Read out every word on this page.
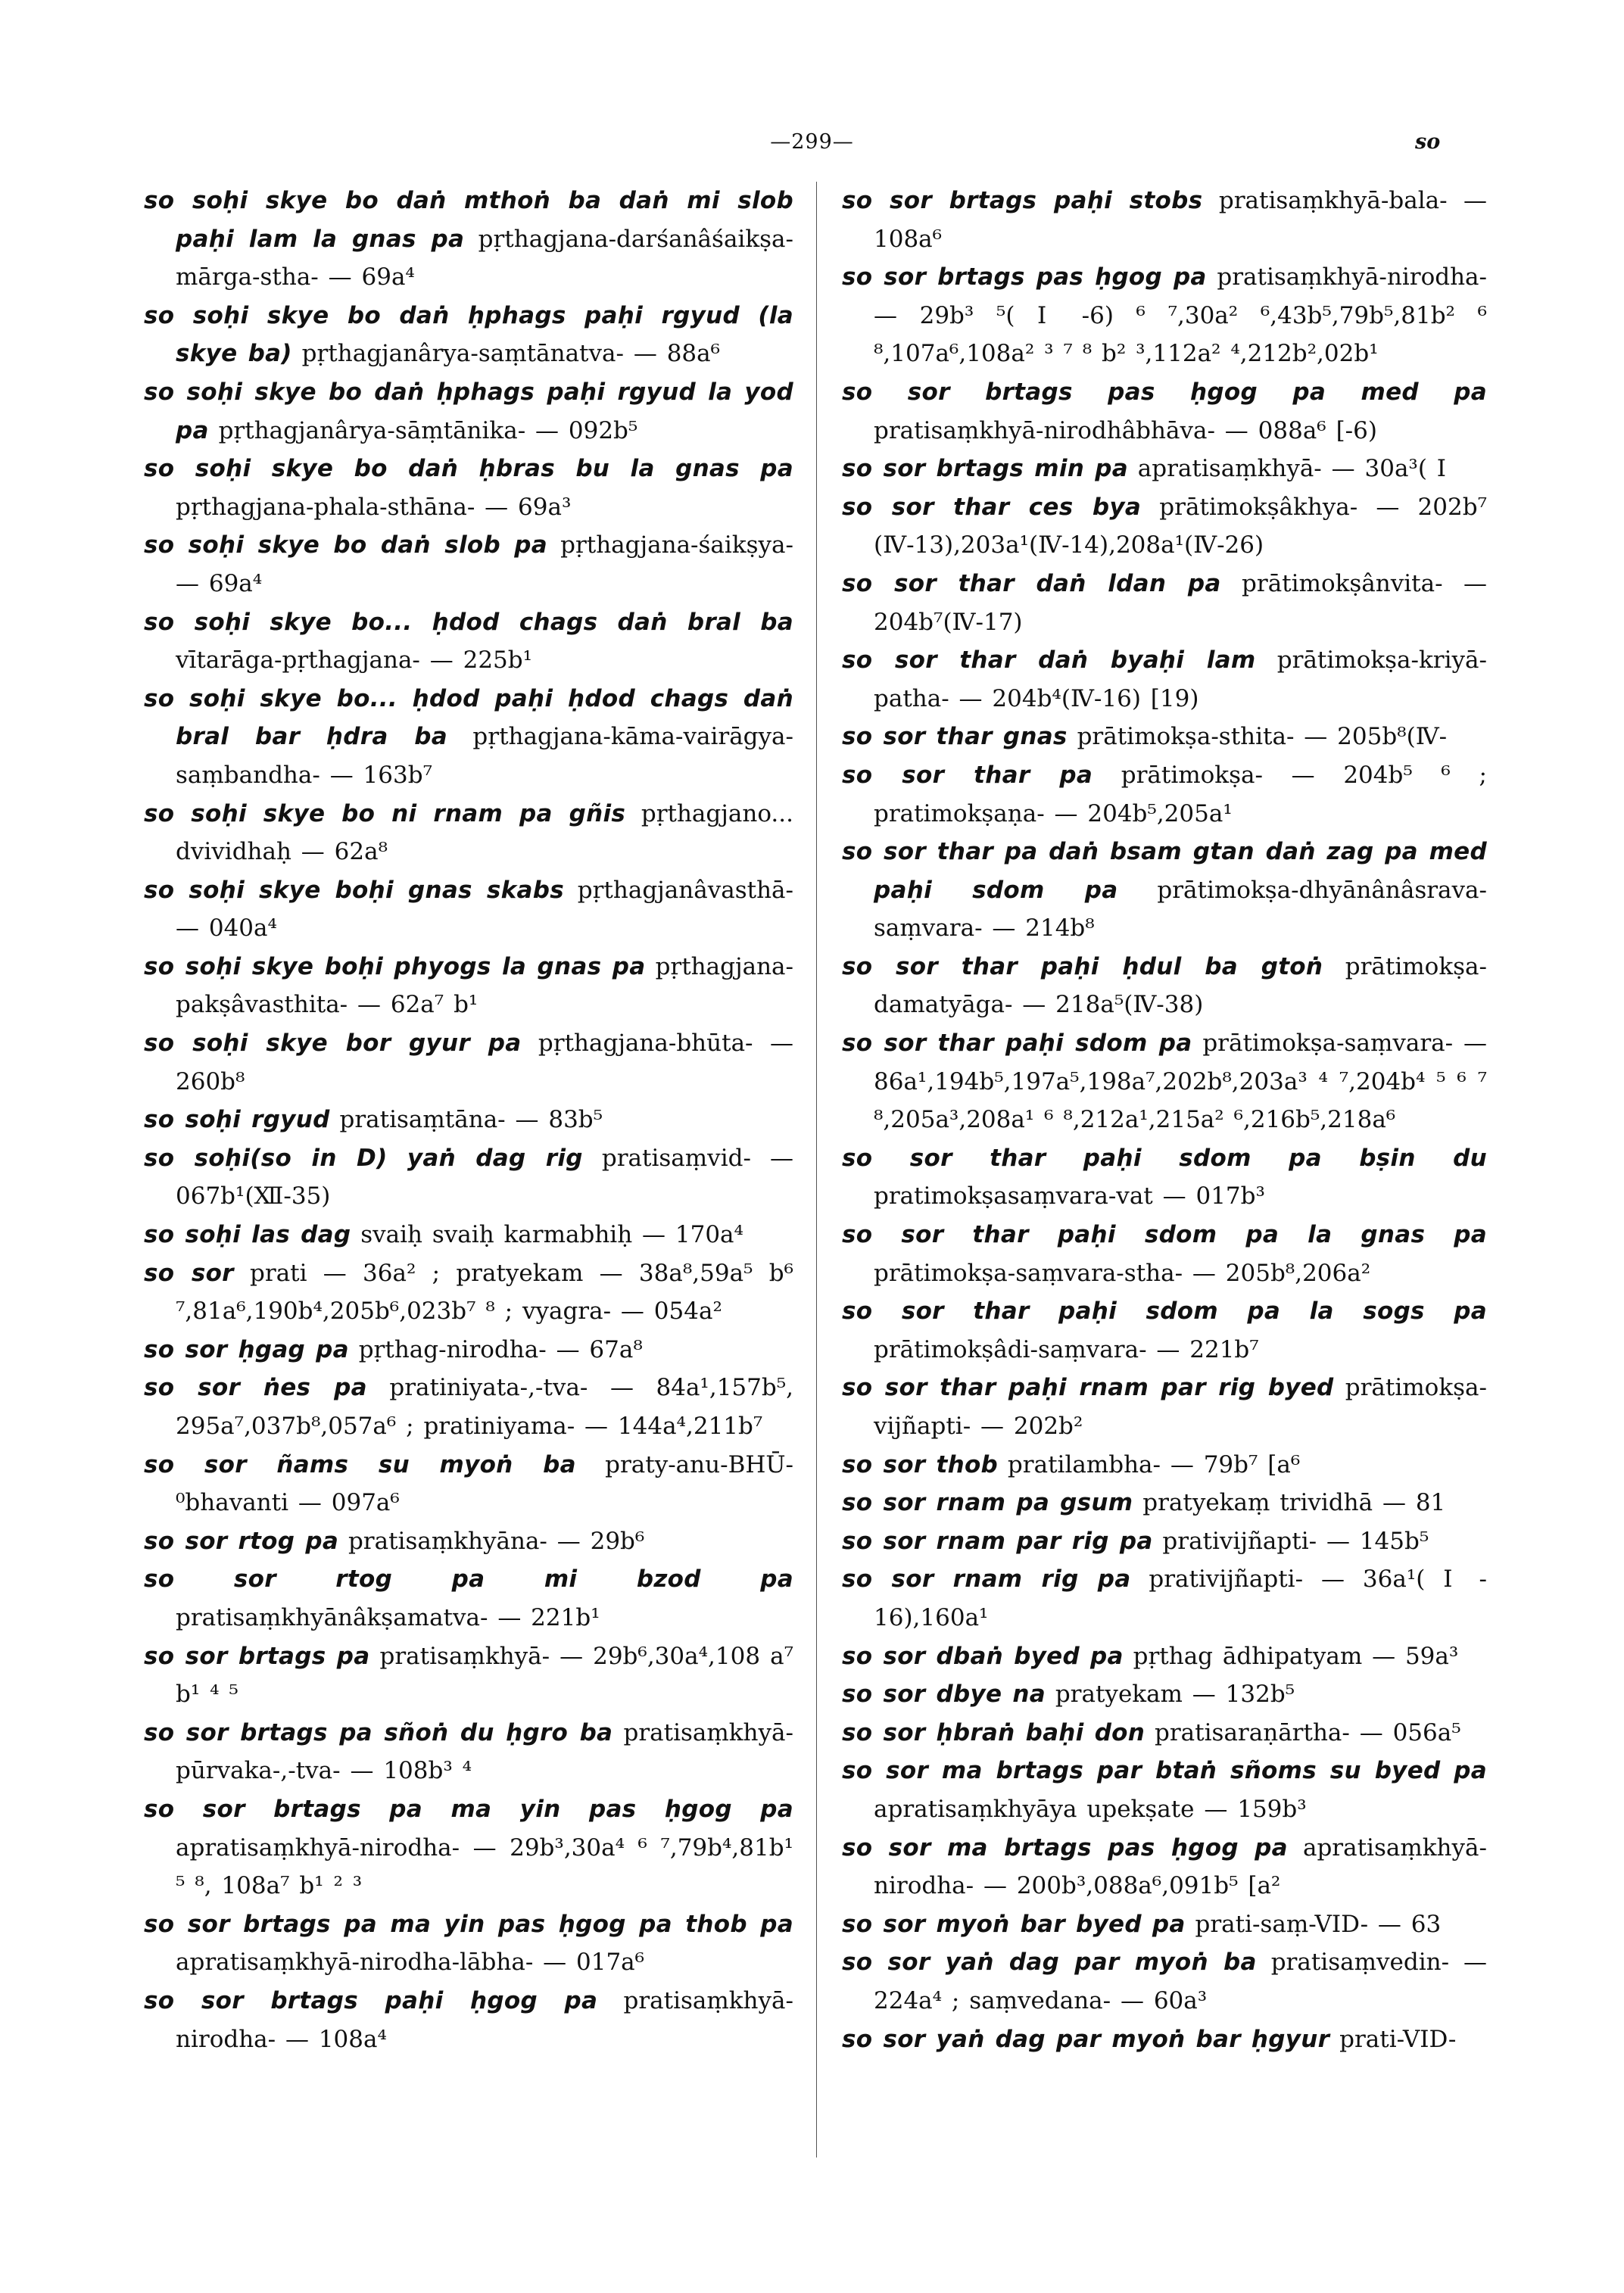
—299—	so
so soḥi skye bo daṅ mthoṅ ba daṅ mi slob paḥi lam la gnas pa pṛthagjana-darśanâśaikṣa-mārga-stha- — 69a⁴
so soḥi skye bo daṅ ḥphags paḥi rgyud (la skye ba) pṛthagjanârya-saṃtānatva- — 88a⁶
so soḥi skye bo daṅ ḥphags paḥi rgyud la yod pa pṛthagjanârya-sāṃtānika- — 092b⁵
so soḥi skye bo daṅ ḥbras bu la gnas pa pṛthagjana-phala-sthāna- — 69a³
so soḥi skye bo daṅ slob pa pṛthagjana-śaikṣya- — 69a⁴
so soḥi skye bo... ḥdod chags daṅ bral ba vītarāga-pṛthagjana- — 225b¹
so soḥi skye bo... ḥdod paḥi ḥdod chags daṅ bral bar ḥdra ba pṛthagjana-kāma-vairāgya-saṃbandha- — 163b⁷
so soḥi skye bo ni rnam pa gñis pṛthagjano... dvividhaḥ — 62a⁸
so soḥi skye boḥi gnas skabs pṛthagjanâvasthā- — 040a⁴
so soḥi skye boḥi phyogs la gnas pa pṛthagjana-pakṣâvasthita- — 62a⁷ b¹
so soḥi skye bor gyur pa pṛthagjana-bhūta- — 260b⁸
so soḥi rgyud pratisaṃtāna- — 83b⁵
so soḥi(so in D) yaṅ dag rig pratisaṃvid- — 067b¹(Ⅻ-35)
so soḥi las dag svaiḥ svaiḥ karmabhiḥ — 170a⁴
so sor prati — 36a² ; pratyekam — 38a⁸,59a⁵ b⁶ ⁷,81a⁶,190b⁴,205b⁶,023b⁷ ⁸ ; vyagra- — 054a²
so sor ḥgag pa pṛthag-nirodha- — 67a⁸
so sor ṅes pa pratiniyata-,-tva- — 84a¹,157b⁵, 295a⁷,037b⁸,057a⁶ ; pratiniyama- — 144a⁴,211b⁷
so sor ñams su myoṅ ba praty-anu-BHŪ- ⁰bhavanti — 097a⁶
so sor rtog pa pratisaṃkhyāna- — 29b⁶
so sor rtog pa mi bzod pa pratisaṃkhyānâkṣamatva- — 221b¹
so sor brtags pa pratisaṃkhyā- — 29b⁶,30a⁴,108 a⁷ b¹ ⁴ ⁵
so sor brtags pa sñoṅ du ḥgro ba pratisaṃkhyā-pūrvaka-,-tva- — 108b³ ⁴
so sor brtags pa ma yin pas ḥgog pa apratisaṃkhyā-nirodha- — 29b³,30a⁴ ⁶ ⁷,79b⁴,81b¹ ⁵ ⁸, 108a⁷ b¹ ² ³
so sor brtags pa ma yin pas ḥgog pa thob pa apratisaṃkhyā-nirodha-lābha- — 017a⁶
so sor brtags paḥi ḥgog pa pratisaṃkhyā-nirodha- — 108a⁴
so sor brtags paḥi stobs pratisaṃkhyā-bala- — 108a⁶
so sor brtags pas ḥgog pa pratisaṃkhyā-nirodha- — 29b³ ⁵( Ⅰ -6) ⁶ ⁷,30a² ⁶,43b⁵,79b⁵,81b² ⁶ ⁸,107a⁶,108a² ³ ⁷ ⁸ b² ³,112a² ⁴,212b²,02b¹
so sor brtags pas ḥgog pa med pa pratisaṃkhyā-nirodhâbhāva- — 088a⁶ [-6)
so sor brtags min pa apratisaṃkhyā- — 30a³( Ⅰ
so sor thar ces bya prātimokṣâkhya- — 202b⁷ (Ⅳ-13),203a¹(Ⅳ-14),208a¹(Ⅳ-26)
so sor thar daṅ ldan pa prātimokṣânvita- — 204b⁷(Ⅳ-17)
so sor thar daṅ byaḥi lam prātimokṣa-kriyā-patha- — 204b⁴(Ⅳ-16) [19)
so sor thar gnas prātimokṣa-sthita- — 205b⁸(Ⅳ-
so sor thar pa prātimokṣa- — 204b⁵ ⁶ ; pratimokṣaṇa- — 204b⁵,205a¹
so sor thar pa daṅ bsam gtan daṅ zag pa med paḥi sdom pa prātimokṣa-dhyānânâsrava-saṃvara- — 214b⁸
so sor thar paḥi ḥdul ba gtoṅ prātimokṣa-damatyāga- — 218a⁵(Ⅳ-38)
so sor thar paḥi sdom pa prātimokṣa-saṃvara- — 86a¹,194b⁵,197a⁵,198a⁷,202b⁸,203a³ ⁴ ⁷,204b⁴ ⁵ ⁶ ⁷ ⁸,205a³,208a¹ ⁶ ⁸,212a¹,215a² ⁶,216b⁵,218a⁶
so sor thar paḥi sdom pa bṣin du pratimokṣasaṃvara-vat — 017b³
so sor thar paḥi sdom pa la gnas pa prātimokṣa-saṃvara-stha- — 205b⁸,206a²
so sor thar paḥi sdom pa la sogs pa prātimokṣâdi-saṃvara- — 221b⁷
so sor thar paḥi rnam par rig byed prātimokṣa-vijñapti- — 202b²
so sor thob pratilambha- — 79b⁷ [a⁶
so sor rnam pa gsum pratyekaṃ trividhā — 81
so sor rnam par rig pa prativijñapti- — 145b⁵
so sor rnam rig pa prativijñapti- — 36a¹( Ⅰ - 16),160a¹
so sor dbaṅ byed pa pṛthag ādhipatyam — 59a³
so sor dbye na pratyekam — 132b⁵
so sor ḥbraṅ baḥi don pratisaraṇārtha- — 056a⁵
so sor ma brtags par btaṅ sñoms su byed pa apratisaṃkhyāya upekṣate — 159b³
so sor ma brtags pas ḥgog pa apratisaṃkhyā-nirodha- — 200b³,088a⁶,091b⁵ [a²
so sor myoṅ bar byed pa prati-saṃ-VID- — 63
so sor yaṅ dag par myoṅ ba pratisaṃvedin- — 224a⁴ ; saṃvedana- — 60a³
so sor yaṅ dag par myoṅ bar ḥgyur prati-VID-
